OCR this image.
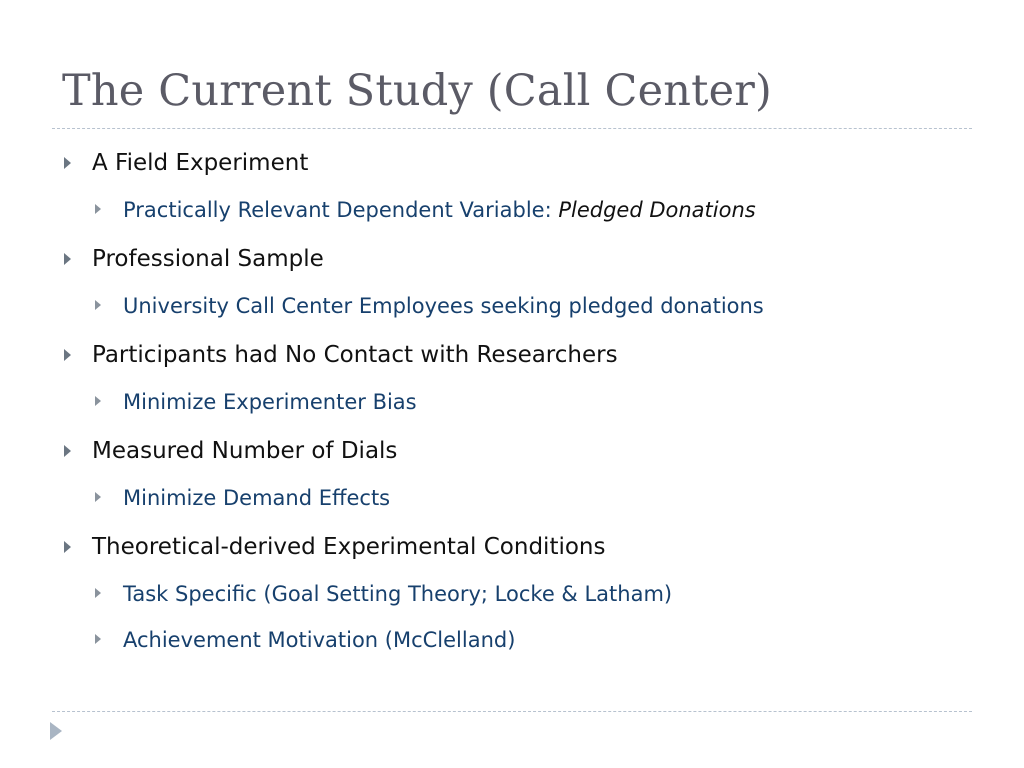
The Current Study (Call Center)
A Field Experiment
Practically Relevant Dependent Variable: Pledged Donations
Professional Sample
University Call Center Employees seeking pledged donations
Participants had No Contact with Researchers
Minimize Experimenter Bias
Measured Number of Dials
Minimize Demand Effects
Theoretical-derived Experimental Conditions
Task Specific (Goal Setting Theory; Locke & Latham)
Achievement Motivation (McClelland)
